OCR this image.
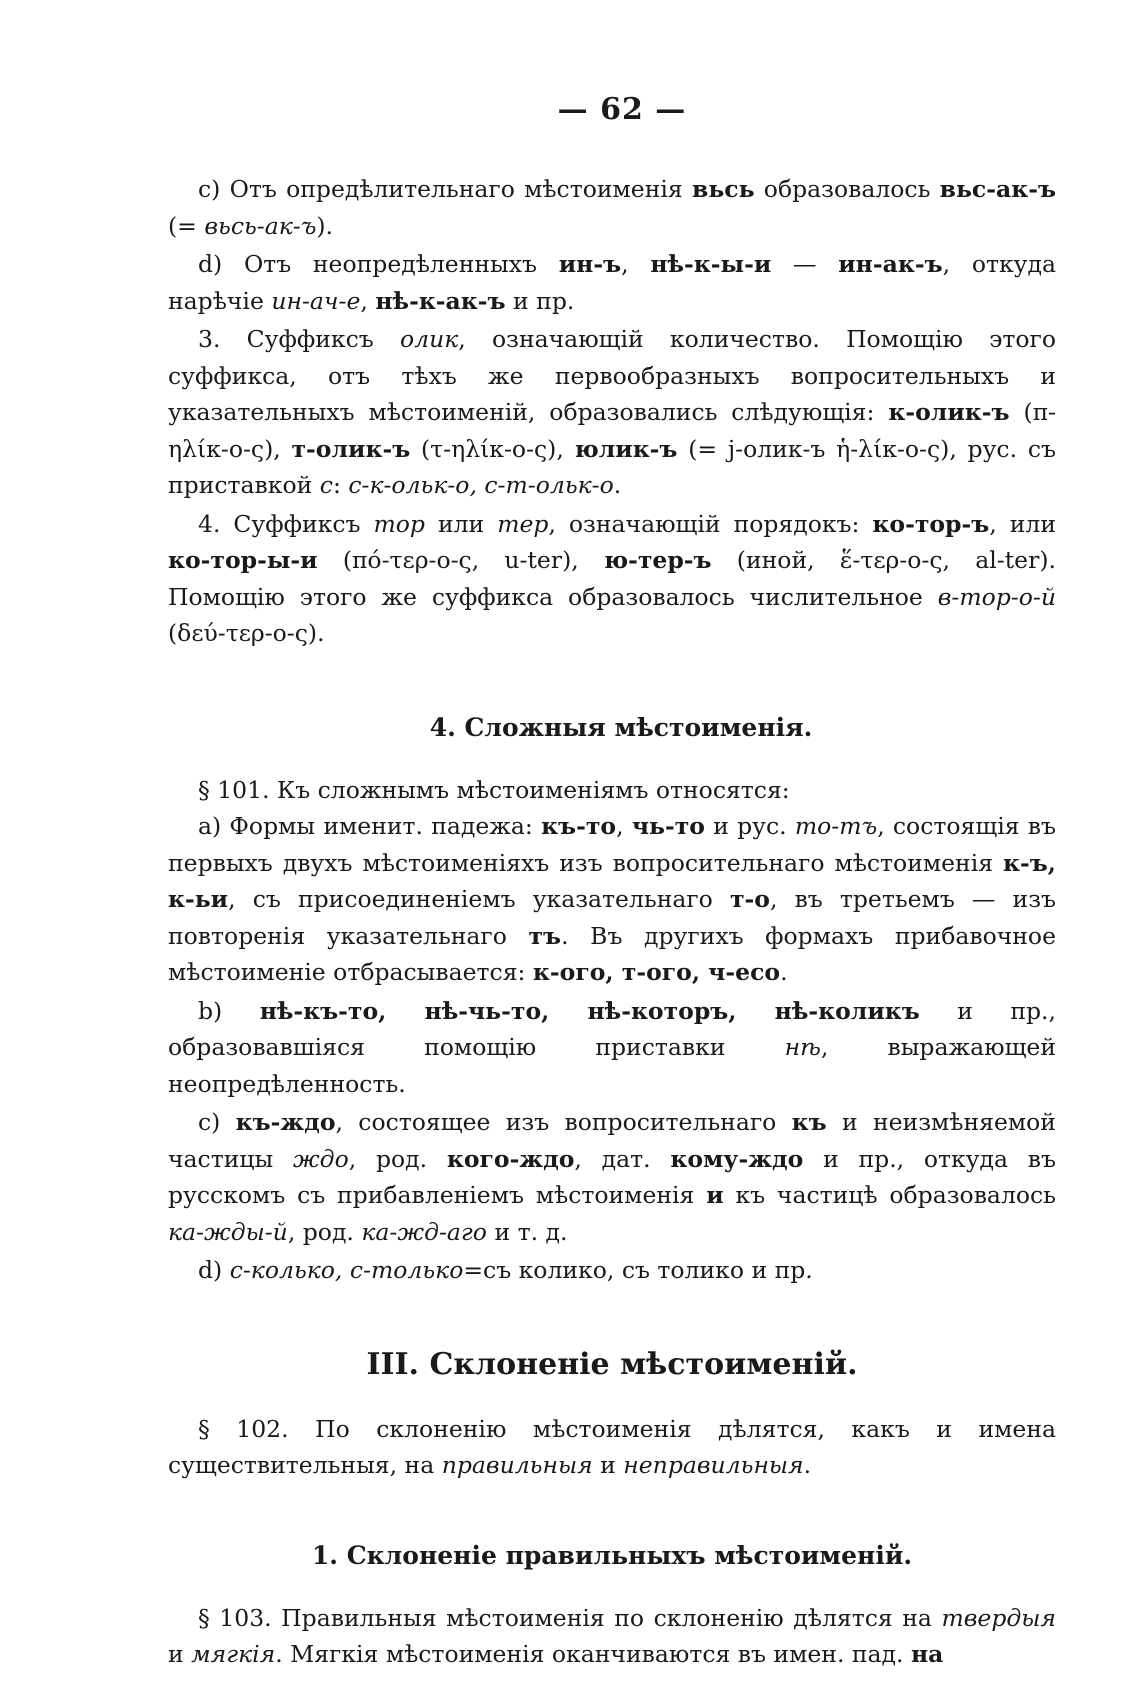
— 62 —

c) Отъ опредѣлительнаго мѣстоименія вьсь образовалось вьс-ак-ъ (= вьсь-ак-ъ).

d) Отъ неопредѣленныхъ ин-ъ, нѣ-к-ы-и — ин-ак-ъ, откуда нарѣчіе ин-ач-е, нѣ-к-ак-ъ и пр.

3. Суффиксъ олик, означающій количество. Помощію этого суффикса, отъ тѣхъ же первообразныхъ вопросительныхъ и указательныхъ мѣстоименій, образовались слѣдующія: к-олик-ъ (π-ηλίκ-ο-ς), т-олик-ъ (τ-ηλίκ-ο-ς), юлик-ъ (= j-олик-ъ ἡ-λίκ-ο-ς), рус. съ приставкой с: с-к-ольк-о, с-т-ольк-о.

4. Суффиксъ тор или тер, означающій порядокъ: ко-тор-ъ, или ко-тор-ы-и (πό-τερ-ο-ς, u-ter), ю-тер-ъ (иной, ἕ-τερ-ο-ς, al-ter). Помощію этого же суффикса образовалось числительное в-тор-о-й (δεύ-τερ-ο-ς).

4. Сложныя мѣстоименія.

§ 101. Къ сложнымъ мѣстоименіямъ относятся:

а) Формы именит. падежа: къ-то, чь-то и рус. то-тъ, состоящія въ первыхъ двухъ мѣстоименіяхъ изъ вопросительнаго мѣстоименія к-ъ, к-ьи, съ присоединеніемъ указательнаго т-о, въ третьемъ — изъ повторенія указательнаго тъ. Въ другихъ формахъ прибавочное мѣстоименіе отбрасывается: к-ого, т-ого, ч-есо.

b) нѣ-къ-то, нѣ-чь-то, нѣ-которъ, нѣ-коликъ и пр., образовавшіяся помощію приставки	нѣ, выражающей неопредѣленность.

с) къ-ждо, состоящее изъ вопросительнаго къ и неизмѣняемой частицы ждо, род. кого-ждо, дат. кому-ждо и пр., откуда въ русскомъ съ прибавленіемъ мѣстоименія и къ частицѣ образовалось ка-жды-й, род. ка-жд-аго и т. д.

d) с-колько, с-только=съ колико, съ толико и пр.

III. Склоненіе мѣстоименій.

§ 102. По склоненію мѣстоименія дѣлятся, какъ и имена существительныя, на правильныя и неправильныя.

1. Склоненіе правильныхъ мѣстоименій.

§ 103. Правильныя мѣстоименія по склоненію дѣлятся на твердыя и мягкія. Мягкія мѣстоименія оканчиваются въ имен. пад. на
